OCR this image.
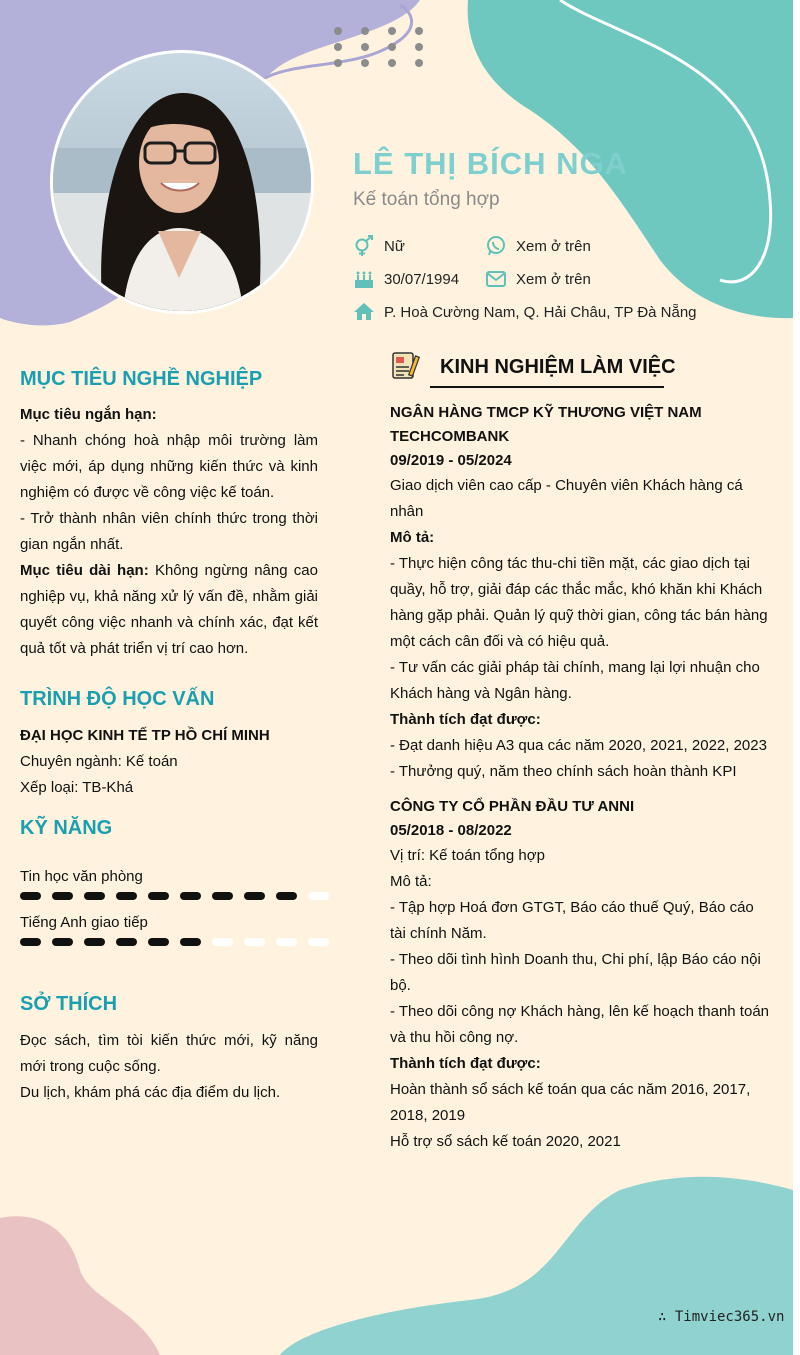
LÊ THỊ BÍCH NGA
Kế toán tổng hợp
Nữ	Xem ở trên
30/07/1994	Xem ở trên
P. Hoà Cường Nam, Q. Hải Châu, TP Đà Nẵng
MỤC TIÊU NGHỀ NGHIỆP
Mục tiêu ngắn hạn:
- Nhanh chóng hoà nhập môi trường làm việc mới, áp dụng những kiến thức và kinh nghiệm có được về công việc kế toán.
- Trở thành nhân viên chính thức trong thời gian ngắn nhất.
Mục tiêu dài hạn: Không ngừng nâng cao nghiệp vụ, khả năng xử lý vấn đề, nhằm giải quyết công việc nhanh và chính xác, đạt kết quả tốt và phát triển vị trí cao hơn.
TRÌNH ĐỘ HỌC VẤN
ĐẠI HỌC KINH TẾ TP HỒ CHÍ MINH
Chuyên ngành: Kế toán
Xếp loại: TB-Khá
KỸ NĂNG
Tin học văn phòng
Tiếng Anh giao tiếp
SỞ THÍCH
Đọc sách, tìm tòi kiến thức mới, kỹ năng mới trong cuộc sống.
Du lịch, khám phá các địa điểm du lịch.
KINH NGHIỆM LÀM VIỆC
NGÂN HÀNG TMCP KỸ THƯƠNG VIỆT NAM
TECHCOMBANK
09/2019 - 05/2024
Giao dịch viên cao cấp - Chuyên viên Khách hàng cá nhân
Mô tả:
- Thực hiện công tác thu-chi tiền mặt, các giao dịch tại quầy, hỗ trợ, giải đáp các thắc mắc, khó khăn khi Khách hàng gặp phải. Quản lý quỹ thời gian, công tác bán hàng một cách cân đối và có hiệu quả.
- Tư vấn các giải pháp tài chính, mang lại lợi nhuận cho Khách hàng và Ngân hàng.
Thành tích đạt được:
- Đạt danh hiệu A3 qua các năm 2020, 2021, 2022, 2023
- Thưởng quý, năm theo chính sách hoàn thành KPI
CÔNG TY CỔ PHẦN ĐẦU TƯ ANNI
05/2018 - 08/2022
Vị trí: Kế toán tổng hợp
Mô tả:
- Tập hợp Hoá đơn GTGT, Báo cáo thuế Quý, Báo cáo tài chính Năm.
- Theo dõi tình hình Doanh thu, Chi phí, lập Báo cáo nội bộ.
- Theo dõi công nợ Khách hàng, lên kế hoạch thanh toán và thu hồi công nợ.
Thành tích đạt được:
Hoàn thành sổ sách kế toán qua các năm 2016, 2017, 2018, 2019
Hỗ trợ sổ sách kế toán 2020, 2021
∴ Timviec365.vn
